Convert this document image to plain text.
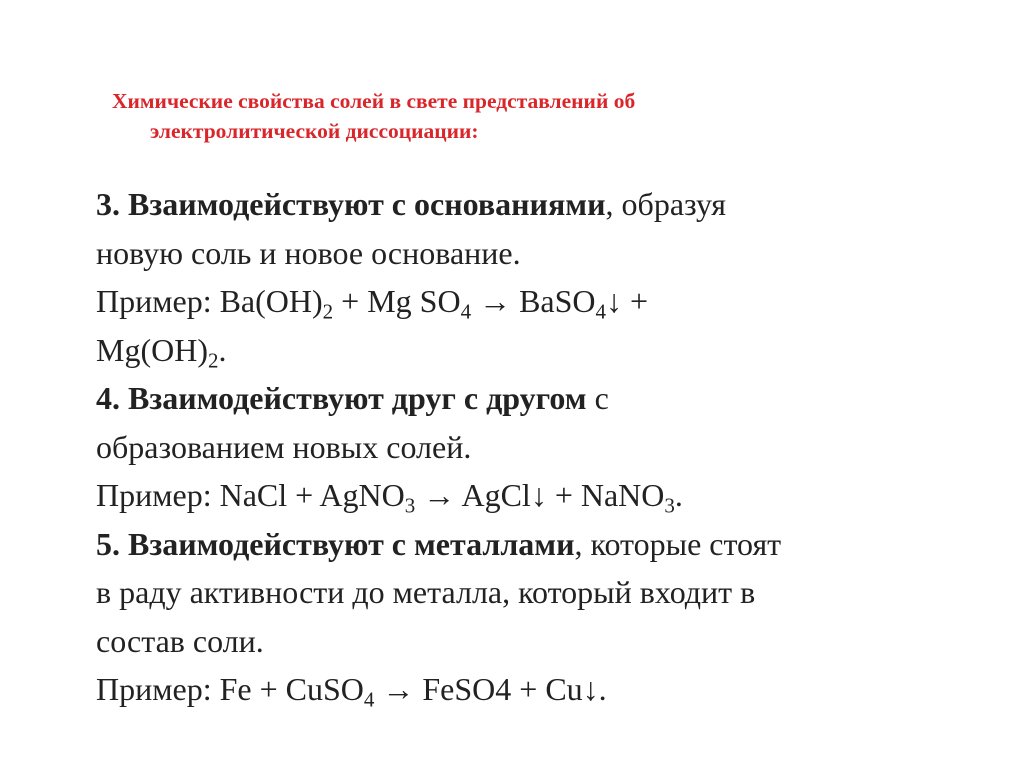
Химические свойства солей в свете представлений об
электролитической диссоциации:
3. Взаимодействуют с основаниями, образуя
новую соль и новое основание.
Пример: $Ba(OH)_2 + Mg$ $SO_4$ → BaSO$_4$↓ +
$Mg(OH)_2$.
4. Взаимодействуют друг с другом с
образованием новых солей.
Пример: NaCl + AgNO$_3$ → AgCl↓ + NaNO$_3$.
5. Взаимодействуют с металлами, которые стоят
в раду активности до металла, который входит в
состав соли.
Пример: Fe + CuSO$_4$ → FeSO4 + Cu↓.
